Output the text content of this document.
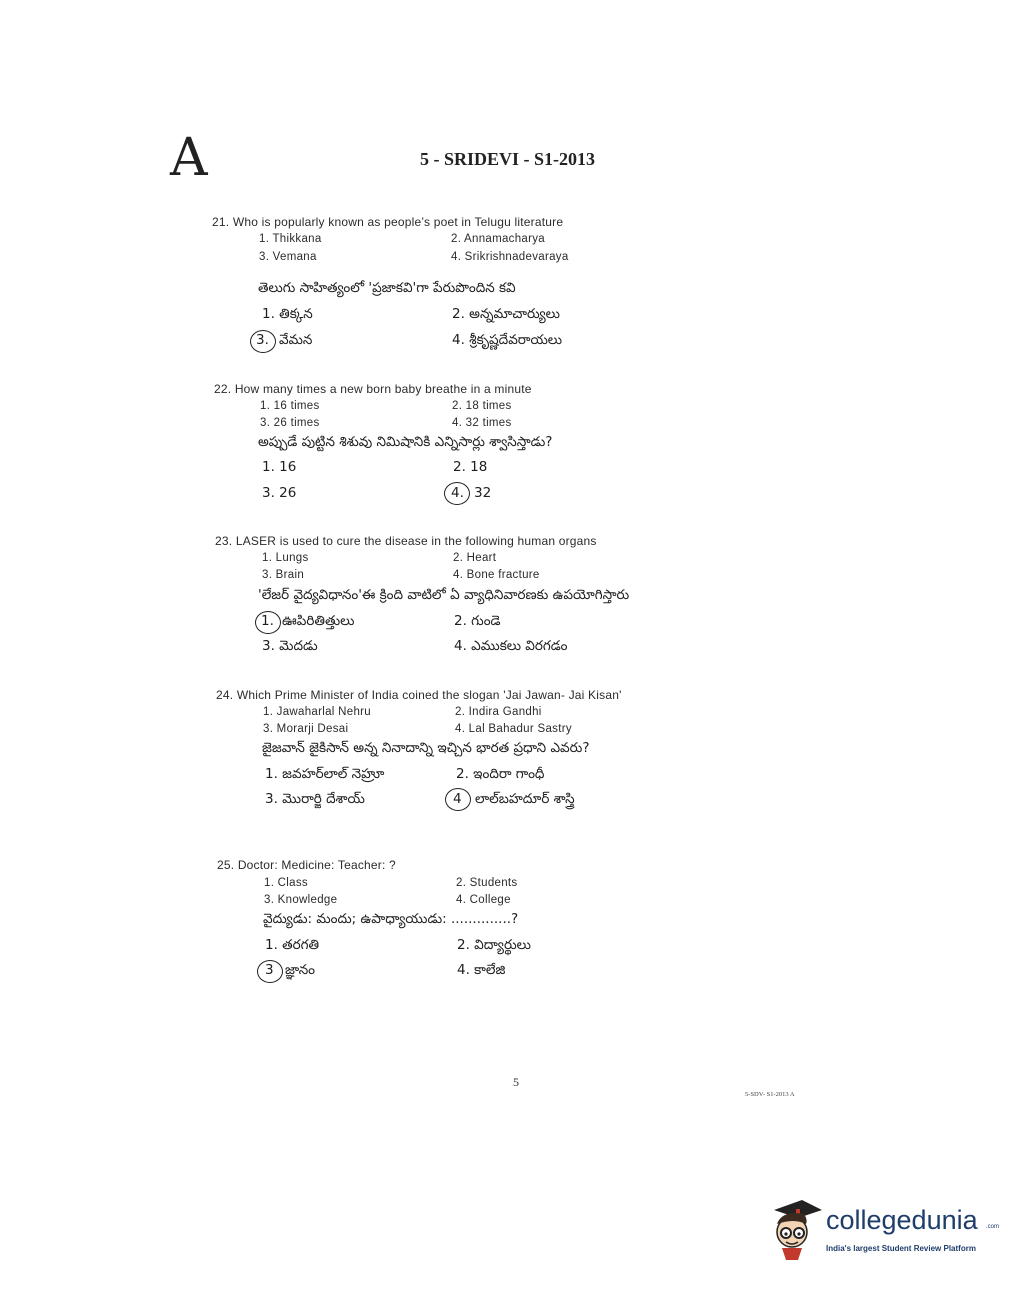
A	5 - SRIDEVI - S1-2013
21. Who is popularly known as people’s poet in Telugu literature
1. Thikkana	2. Annamacharya
3. Vemana	4. Srikrishnadevaraya
తెలుగు సాహిత్యంలో 'ప్రజాకవి'గా పేరుపొందిన కవి
1. తిక్కన	2. అన్నమాచార్యులు
3. వేమన	4. శ్రీకృష్ణదేవరాయలు
22. How many times a new born baby breathe in a minute
1. 16 times	2. 18 times
3. 26 times	4. 32 times
అప్పుడే పుట్టిన శిశువు నిమిషానికి ఎన్నిసార్లు శ్వాసిస్తాడు?
1. 16	2. 18
3. 26	4. 32
23. LASER is used to cure the disease in the following human organs
1. Lungs	2. Heart
3. Brain	4. Bone fracture
'లేజర్ వైద్యవిధానం'ఈ క్రింది వాటిలో ఏ వ్యాధినివారణకు ఉపయోగిస్తారు
1. ఊపిరితిత్తులు	2. గుండె
3. మెదడు	4. ఎముకలు విరగడం
24. Which Prime Minister of India coined the slogan 'Jai Jawan- Jai Kisan'
1. Jawaharlal Nehru	2. Indira Gandhi
3. Morarji Desai	4. Lal Bahadur Sastry
జైజవాన్ జైకిసాన్ అన్న నినాదాన్ని ఇచ్చిన భారత ప్రధాని ఎవరు?
1. జవహర్‌లాల్ నెహ్రూ	2. ఇందిరా గాంధీ
3. మొరార్జి దేశాయ్	4 లాల్‌బహదూర్ శాస్త్రి
25. Doctor: Medicine: Teacher: ?
1. Class	2. Students
3. Knowledge	4. College
వైద్యుడు: మందు; ఉపాధ్యాయుడు: ..............?
1. తరగతి	2. విద్యార్థులు
3 జ్ఞానం	4. కాలేజి
5
5-SDV- S1-2013 A
collegedunia .com
India's largest Student Review Platform
